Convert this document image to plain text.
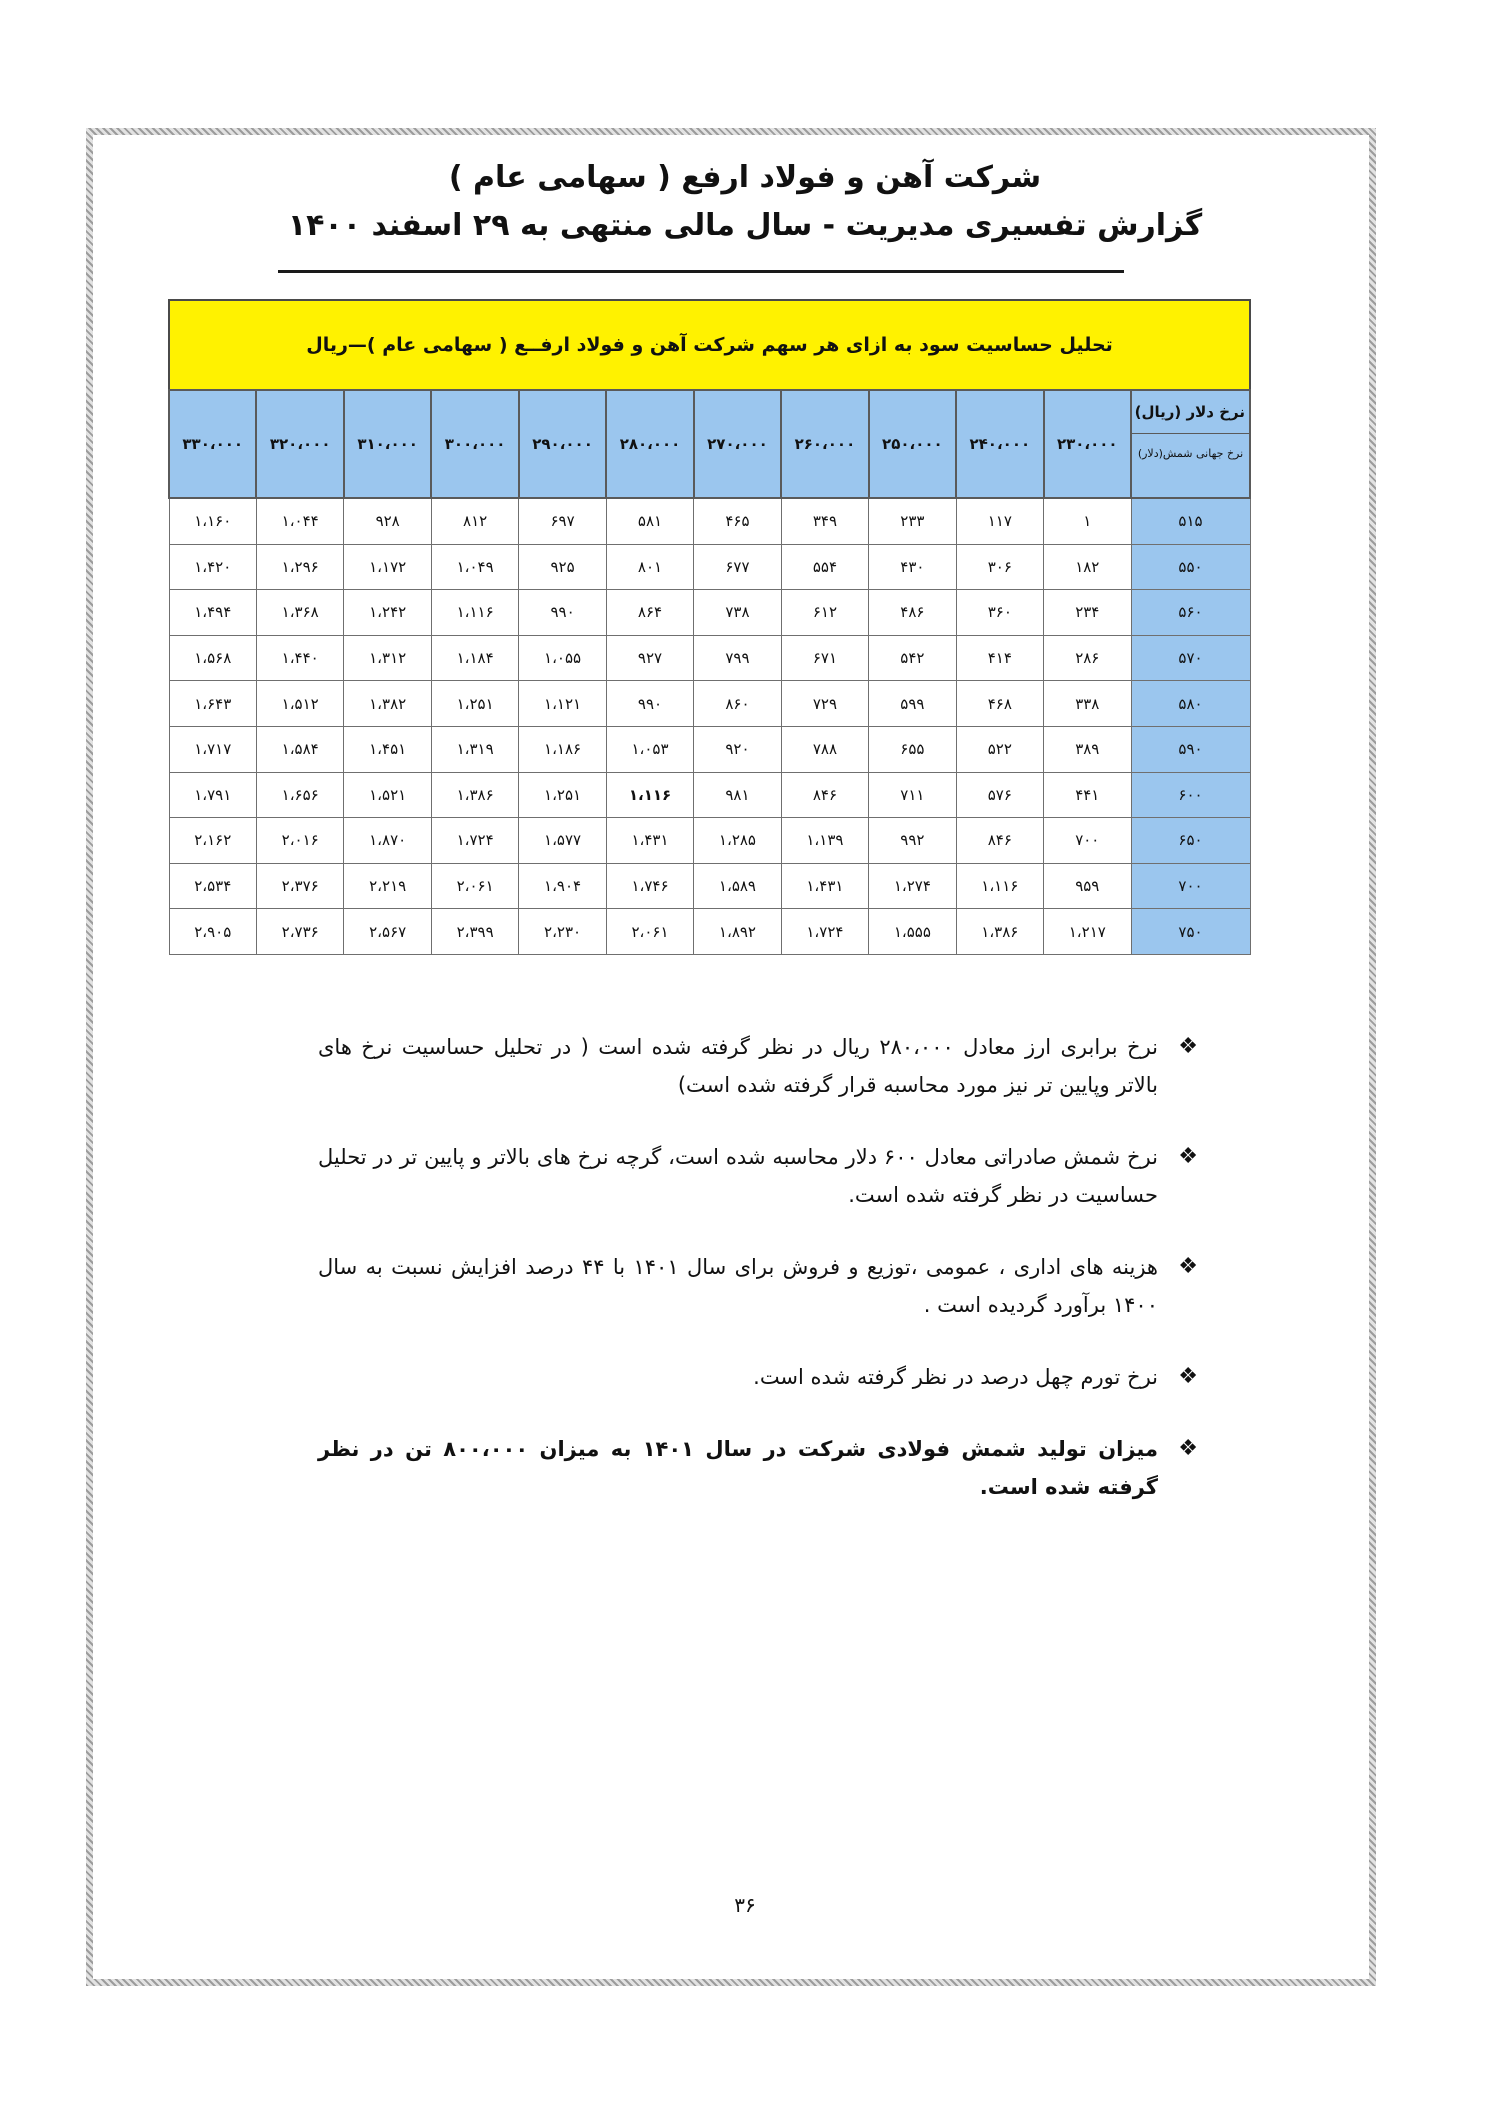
شرکت آهن و فولاد ارفع ( سهامی عام )

گزارش تفسیری مدیریت - سال مالی منتهی به ۲۹ اسفند ۱۴۰۰

تحلیل حساسیت سود به ازای هر سهم شرکت آهن و فولاد ارفــع ( سهامی عام )—ریال
نرخ دلار (ریال)
نرخ جهانی شمش(دلار)	۲۳۰،۰۰۰	۲۴۰،۰۰۰	۲۵۰،۰۰۰	۲۶۰،۰۰۰	۲۷۰،۰۰۰	۲۸۰،۰۰۰	۲۹۰،۰۰۰	۳۰۰،۰۰۰	۳۱۰،۰۰۰	۳۲۰،۰۰۰	۳۳۰،۰۰۰
۵۱۵	۱	۱۱۷	۲۳۳	۳۴۹	۴۶۵	۵۸۱	۶۹۷	۸۱۲	۹۲۸	۱،۰۴۴	۱،۱۶۰
۵۵۰	۱۸۲	۳۰۶	۴۳۰	۵۵۴	۶۷۷	۸۰۱	۹۲۵	۱،۰۴۹	۱،۱۷۲	۱،۲۹۶	۱،۴۲۰
۵۶۰	۲۳۴	۳۶۰	۴۸۶	۶۱۲	۷۳۸	۸۶۴	۹۹۰	۱،۱۱۶	۱،۲۴۲	۱،۳۶۸	۱،۴۹۴
۵۷۰	۲۸۶	۴۱۴	۵۴۲	۶۷۱	۷۹۹	۹۲۷	۱،۰۵۵	۱،۱۸۴	۱،۳۱۲	۱،۴۴۰	۱،۵۶۸
۵۸۰	۳۳۸	۴۶۸	۵۹۹	۷۲۹	۸۶۰	۹۹۰	۱،۱۲۱	۱،۲۵۱	۱،۳۸۲	۱،۵۱۲	۱،۶۴۳
۵۹۰	۳۸۹	۵۲۲	۶۵۵	۷۸۸	۹۲۰	۱،۰۵۳	۱،۱۸۶	۱،۳۱۹	۱،۴۵۱	۱،۵۸۴	۱،۷۱۷
۶۰۰	۴۴۱	۵۷۶	۷۱۱	۸۴۶	۹۸۱	۱،۱۱۶	۱،۲۵۱	۱،۳۸۶	۱،۵۲۱	۱،۶۵۶	۱،۷۹۱
۶۵۰	۷۰۰	۸۴۶	۹۹۲	۱،۱۳۹	۱،۲۸۵	۱،۴۳۱	۱،۵۷۷	۱،۷۲۴	۱،۸۷۰	۲،۰۱۶	۲،۱۶۲
۷۰۰	۹۵۹	۱،۱۱۶	۱،۲۷۴	۱،۴۳۱	۱،۵۸۹	۱،۷۴۶	۱،۹۰۴	۲،۰۶۱	۲،۲۱۹	۲،۳۷۶	۲،۵۳۴
۷۵۰	۱،۲۱۷	۱،۳۸۶	۱،۵۵۵	۱،۷۲۴	۱،۸۹۲	۲،۰۶۱	۲،۲۳۰	۲،۳۹۹	۲،۵۶۷	۲،۷۳۶	۲،۹۰۵
❖
نرخ برابری ارز معادل ۲۸۰،۰۰۰ ریال در نظر گرفته شده است ( در تحلیل حساسیت نرخ های بالاتر وپایین تر نیز مورد محاسبه قرار گرفته شده است)
❖
نرخ شمش صادراتی معادل ۶۰۰ دلار محاسبه شده است، گرچه نرخ های بالاتر و پایین تر در تحلیل حساسیت در نظر گرفته شده است.
❖
هزینه های اداری ، عمومی ،توزیع و فروش برای سال ۱۴۰۱ با ۴۴ درصد افزایش نسبت به سال ۱۴۰۰ برآورد گردیده است .
❖
نرخ تورم چهل درصد در نظر گرفته شده است.
❖
میزان تولید شمش فولادی شرکت در سال ۱۴۰۱ به میزان ۸۰۰،۰۰۰ تن در نظر گرفته شده است.
۳۶
